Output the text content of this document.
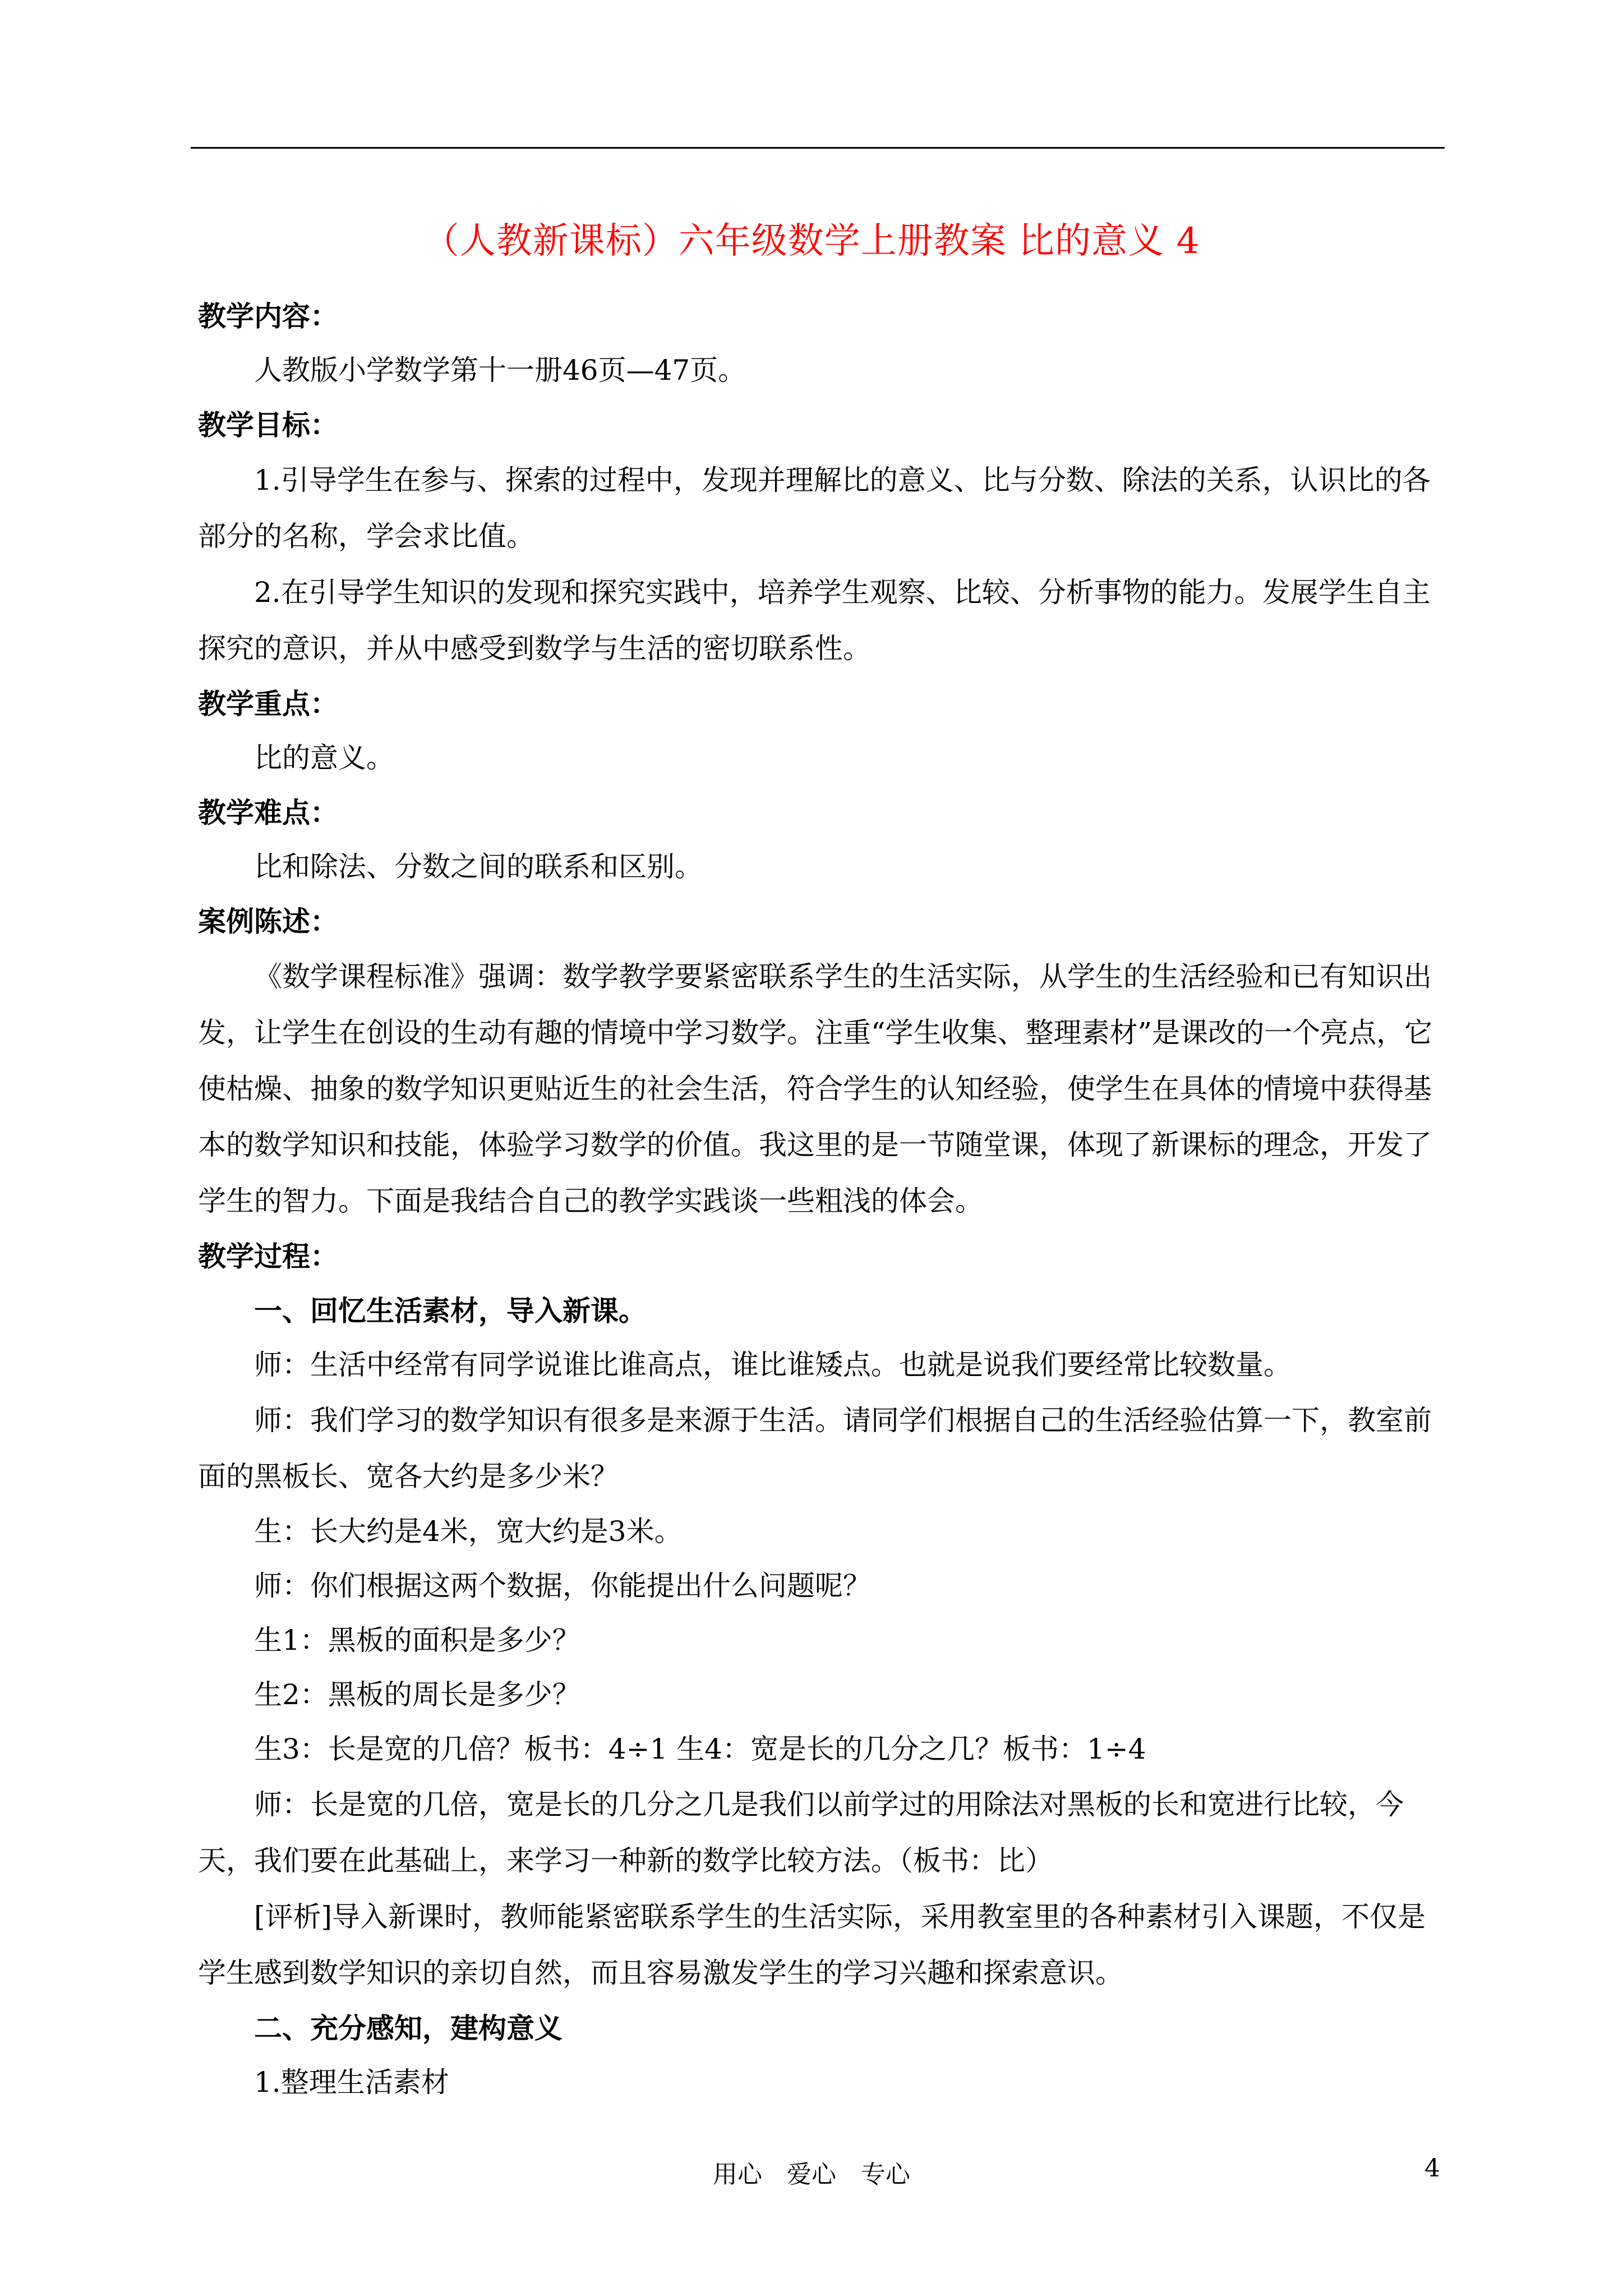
（人教新课标）六年级数学上册教案 比的意义 4

教学内容：

人教版小学数学第十一册46页—47页。

教学目标：

1.引导学生在参与、探索的过程中，发现并理解比的意义、比与分数、除法的关系，认识比的各部分的名称，学会求比值。

2.在引导学生知识的发现和探究实践中，培养学生观察、比较、分析事物的能力。发展学生自主探究的意识，并从中感受到数学与生活的密切联系性。

教学重点：

比的意义。

教学难点：

比和除法、分数之间的联系和区别。

案例陈述：

《数学课程标准》强调：数学教学要紧密联系学生的生活实际，从学生的生活经验和已有知识出发，让学生在创设的生动有趣的情境中学习数学。注重“学生收集、整理素材”是课改的一个亮点，它使枯燥、抽象的数学知识更贴近生的社会生活，符合学生的认知经验，使学生在具体的情境中获得基本的数学知识和技能，体验学习数学的价值。我这里的是一节随堂课，体现了新课标的理念，开发了学生的智力。下面是我结合自己的教学实践谈一些粗浅的体会。

教学过程：

一、回忆生活素材，导入新课。

师：生活中经常有同学说谁比谁高点，谁比谁矮点。也就是说我们要经常比较数量。

师：我们学习的数学知识有很多是来源于生活。请同学们根据自己的生活经验估算一下，教室前面的黑板长、宽各大约是多少米？

生：长大约是4米，宽大约是3米。

师：你们根据这两个数据，你能提出什么问题呢？

生1：黑板的面积是多少？

生2：黑板的周长是多少？

生3：长是宽的几倍？板书：4÷1 生4：宽是长的几分之几？板书：1÷4

师：长是宽的几倍，宽是长的几分之几是我们以前学过的用除法对黑板的长和宽进行比较，今天，我们要在此基础上，来学习一种新的数学比较方法。（板书：比）

[评析]导入新课时，教师能紧密联系学生的生活实际，采用教室里的各种素材引入课题，不仅是学生感到数学知识的亲切自然，而且容易激发学生的学习兴趣和探索意识。

二、充分感知，建构意义

1.整理生活素材

用心　爱心　专心	4
